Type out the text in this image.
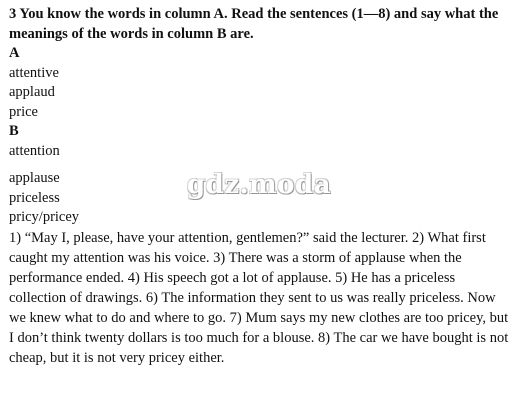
3 You know the words in column A. Read the sentences (1—8) and say what the meanings of the words in column B are.

A

attentive

applaud

price

B

attention

applause

priceless

pricy/pricey

1) “May I, please, have your attention, gentlemen?” said the lecturer. 2) What first caught my attention was his voice. 3) There was a storm of applause when the performance ended. 4) His speech got a lot of applause. 5) He has a priceless collection of drawings. 6) The information they sent to us was really priceless. Now we knew what to do and where to go. 7) Mum says my new clothes are too pricey, but I don’t think twenty dollars is too much for a blouse. 8) The car we have bought is not cheap, but it is not very pricey either.

gdz.moda
